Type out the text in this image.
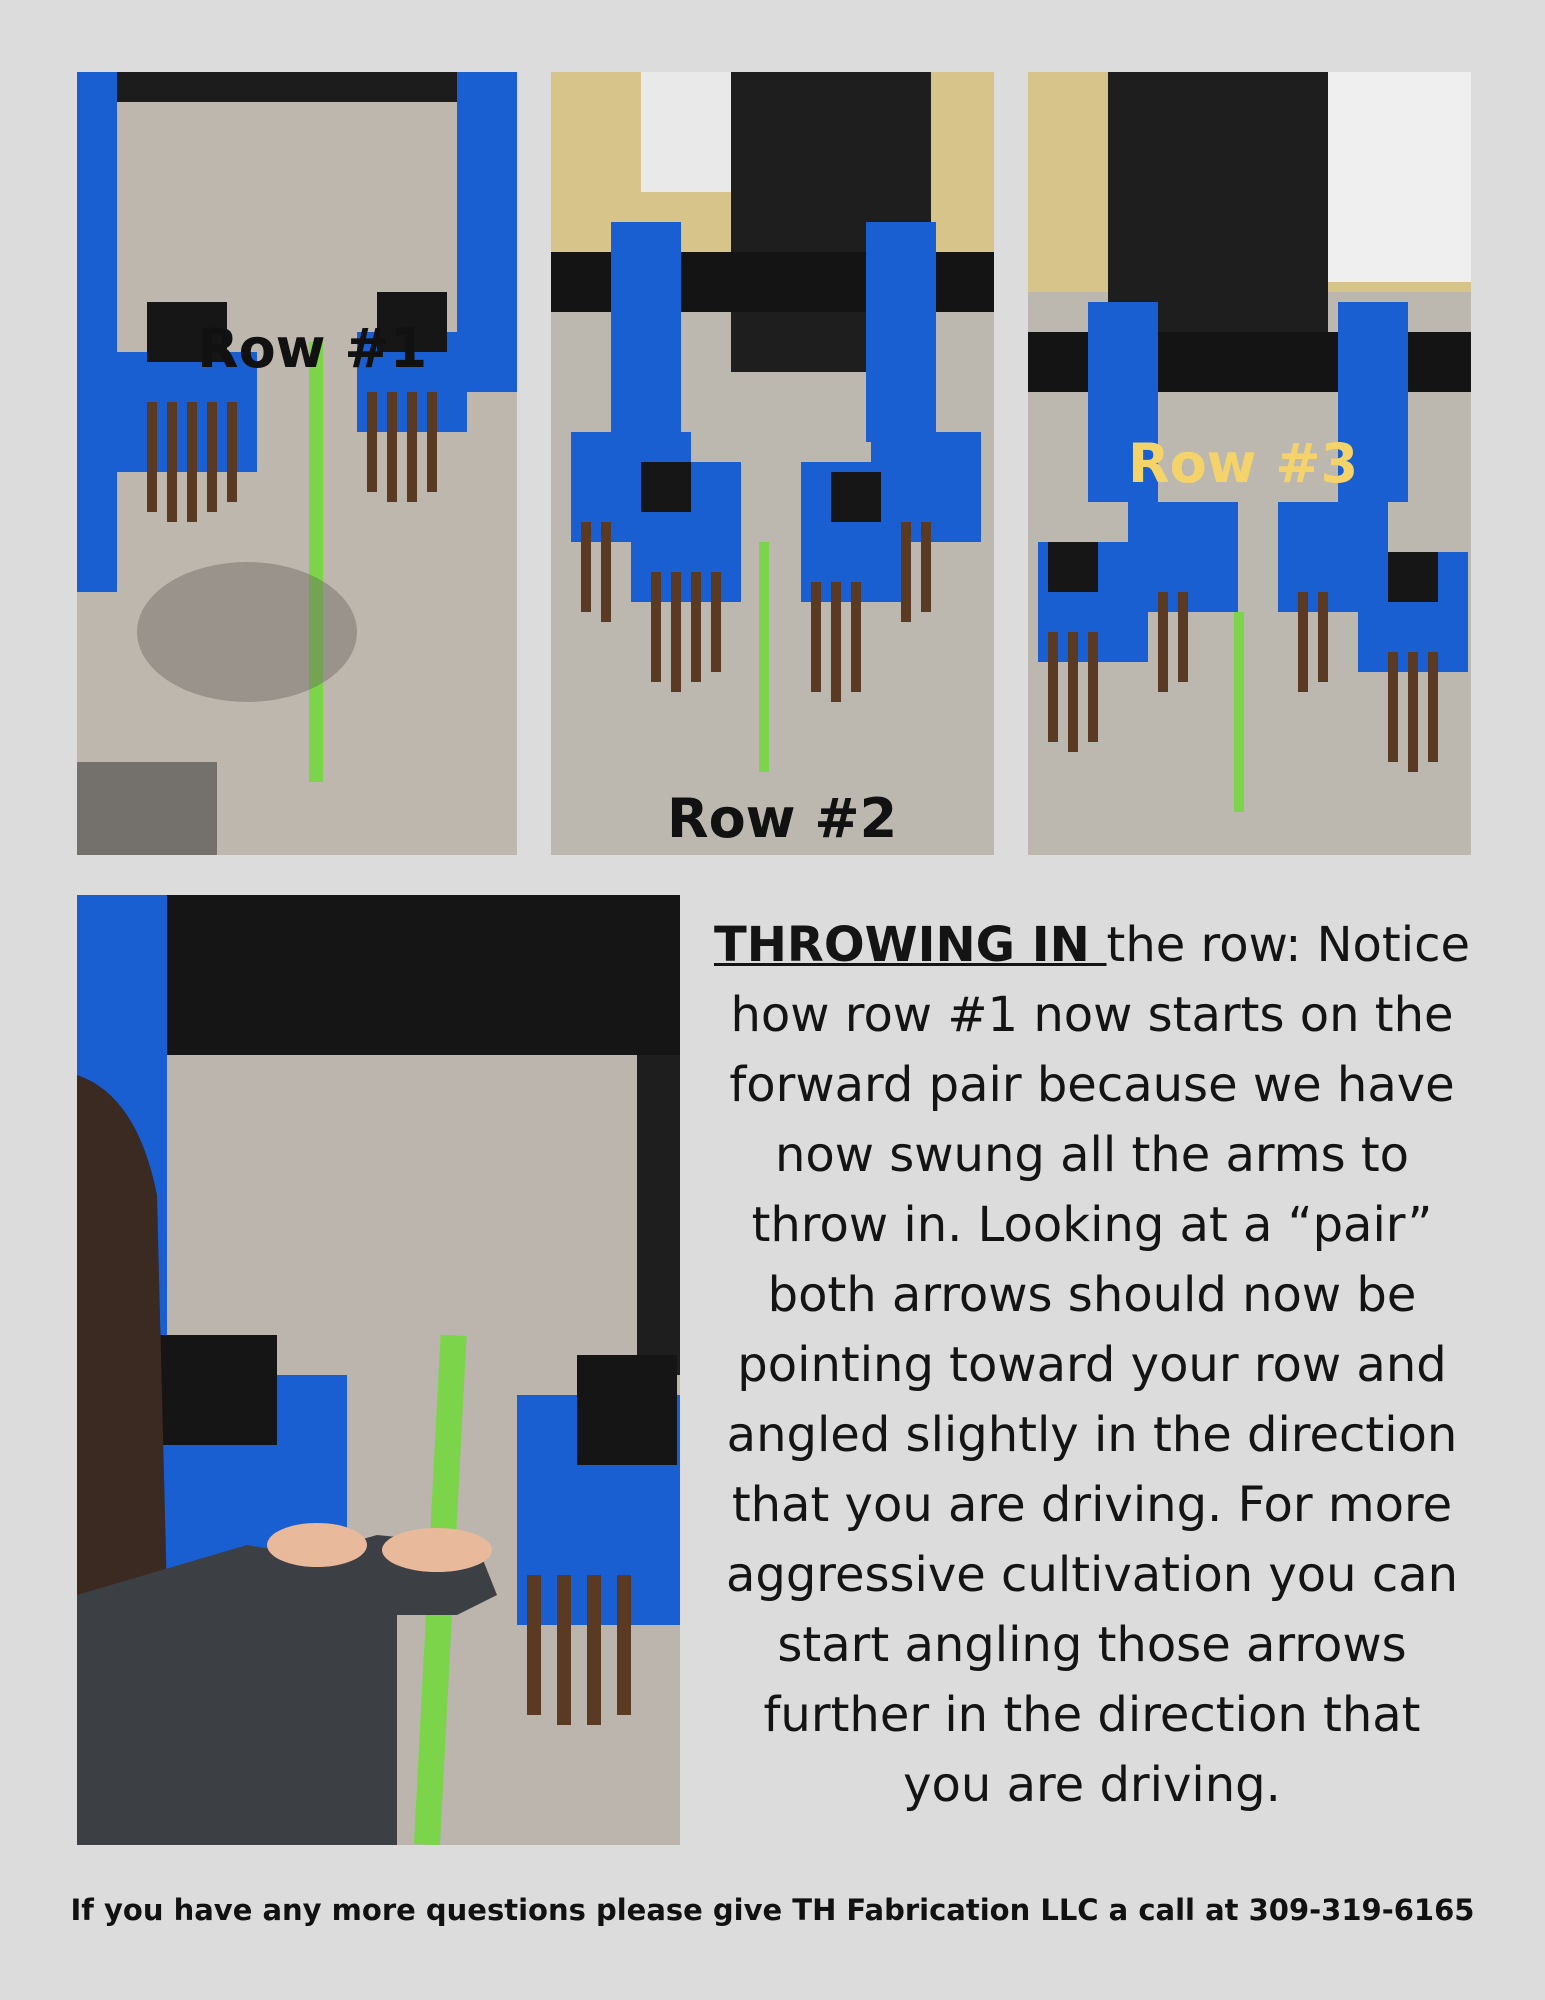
Row #1
Row #2
Row #3
THROWING IN the row: Notice how row #1 now starts on the forward pair because we have now swung all the arms to throw in. Looking at a “pair” both arrows should now be pointing toward your row and angled slightly in the direction that you are driving. For more aggressive cultivation you can start angling those arrows further in the direction that you are driving.
If you have any more questions please give TH Fabrication LLC a call at 309-319-6165
